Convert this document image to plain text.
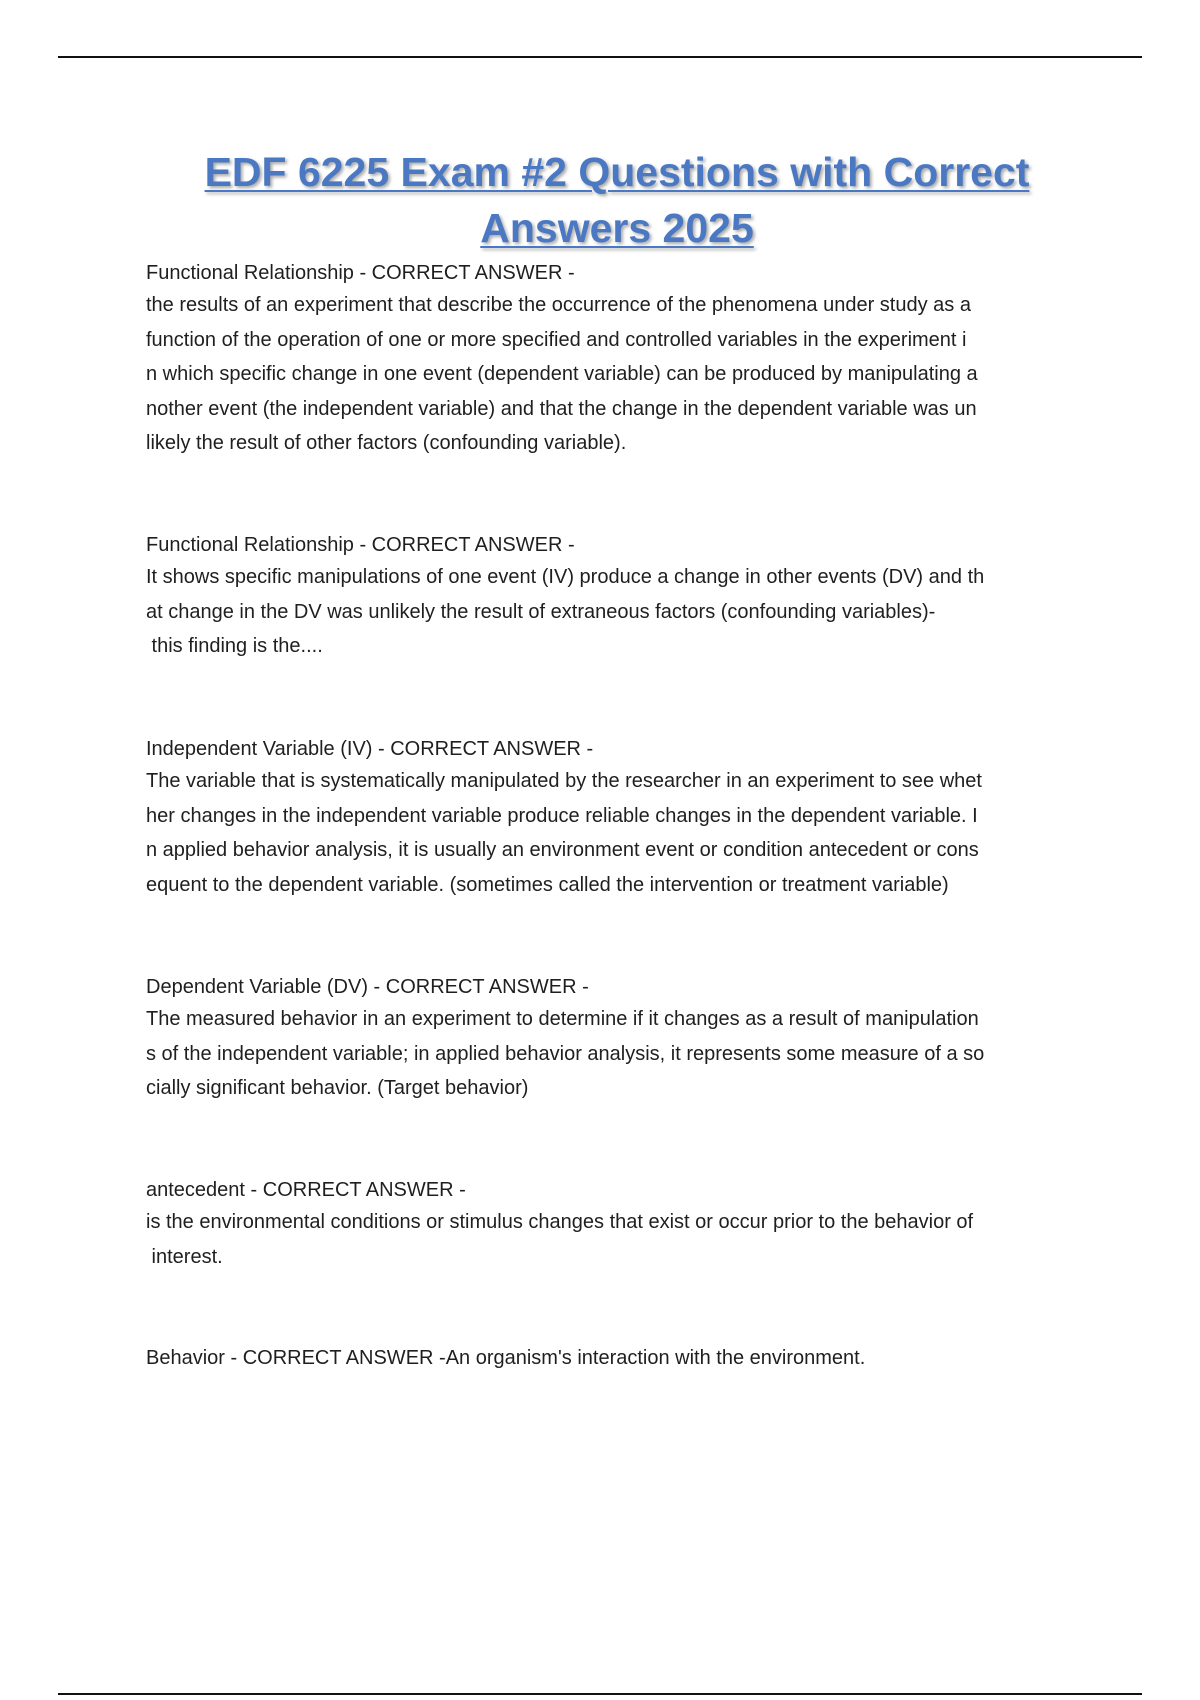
EDF 6225 Exam #2 Questions with Correct
Answers 2025
Functional Relationship - CORRECT ANSWER -
the results of an experiment that describe the occurrence of the phenomena under study as a
function of the operation of one or more specified and controlled variables in the experiment i
n which specific change in one event (dependent variable) can be produced by manipulating a
nother event (the independent variable) and that the change in the dependent variable was un
likely the result of other factors (confounding variable).
Functional Relationship - CORRECT ANSWER -
It shows specific manipulations of one event (IV) produce a change in other events (DV) and th
at change in the DV was unlikely the result of extraneous factors (confounding variables)-
this finding is the....
Independent Variable (IV) - CORRECT ANSWER -
The variable that is systematically manipulated by the researcher in an experiment to see whet
her changes in the independent variable produce reliable changes in the dependent variable. I
n applied behavior analysis, it is usually an environment event or condition antecedent or cons
equent to the dependent variable. (sometimes called the intervention or treatment variable)
Dependent Variable (DV) - CORRECT ANSWER -
The measured behavior in an experiment to determine if it changes as a result of manipulation
s of the independent variable; in applied behavior analysis, it represents some measure of a so
cially significant behavior. (Target behavior)
antecedent - CORRECT ANSWER -
is the environmental conditions or stimulus changes that exist or occur prior to the behavior of
interest.
Behavior - CORRECT ANSWER -An organism's interaction with the environment.
